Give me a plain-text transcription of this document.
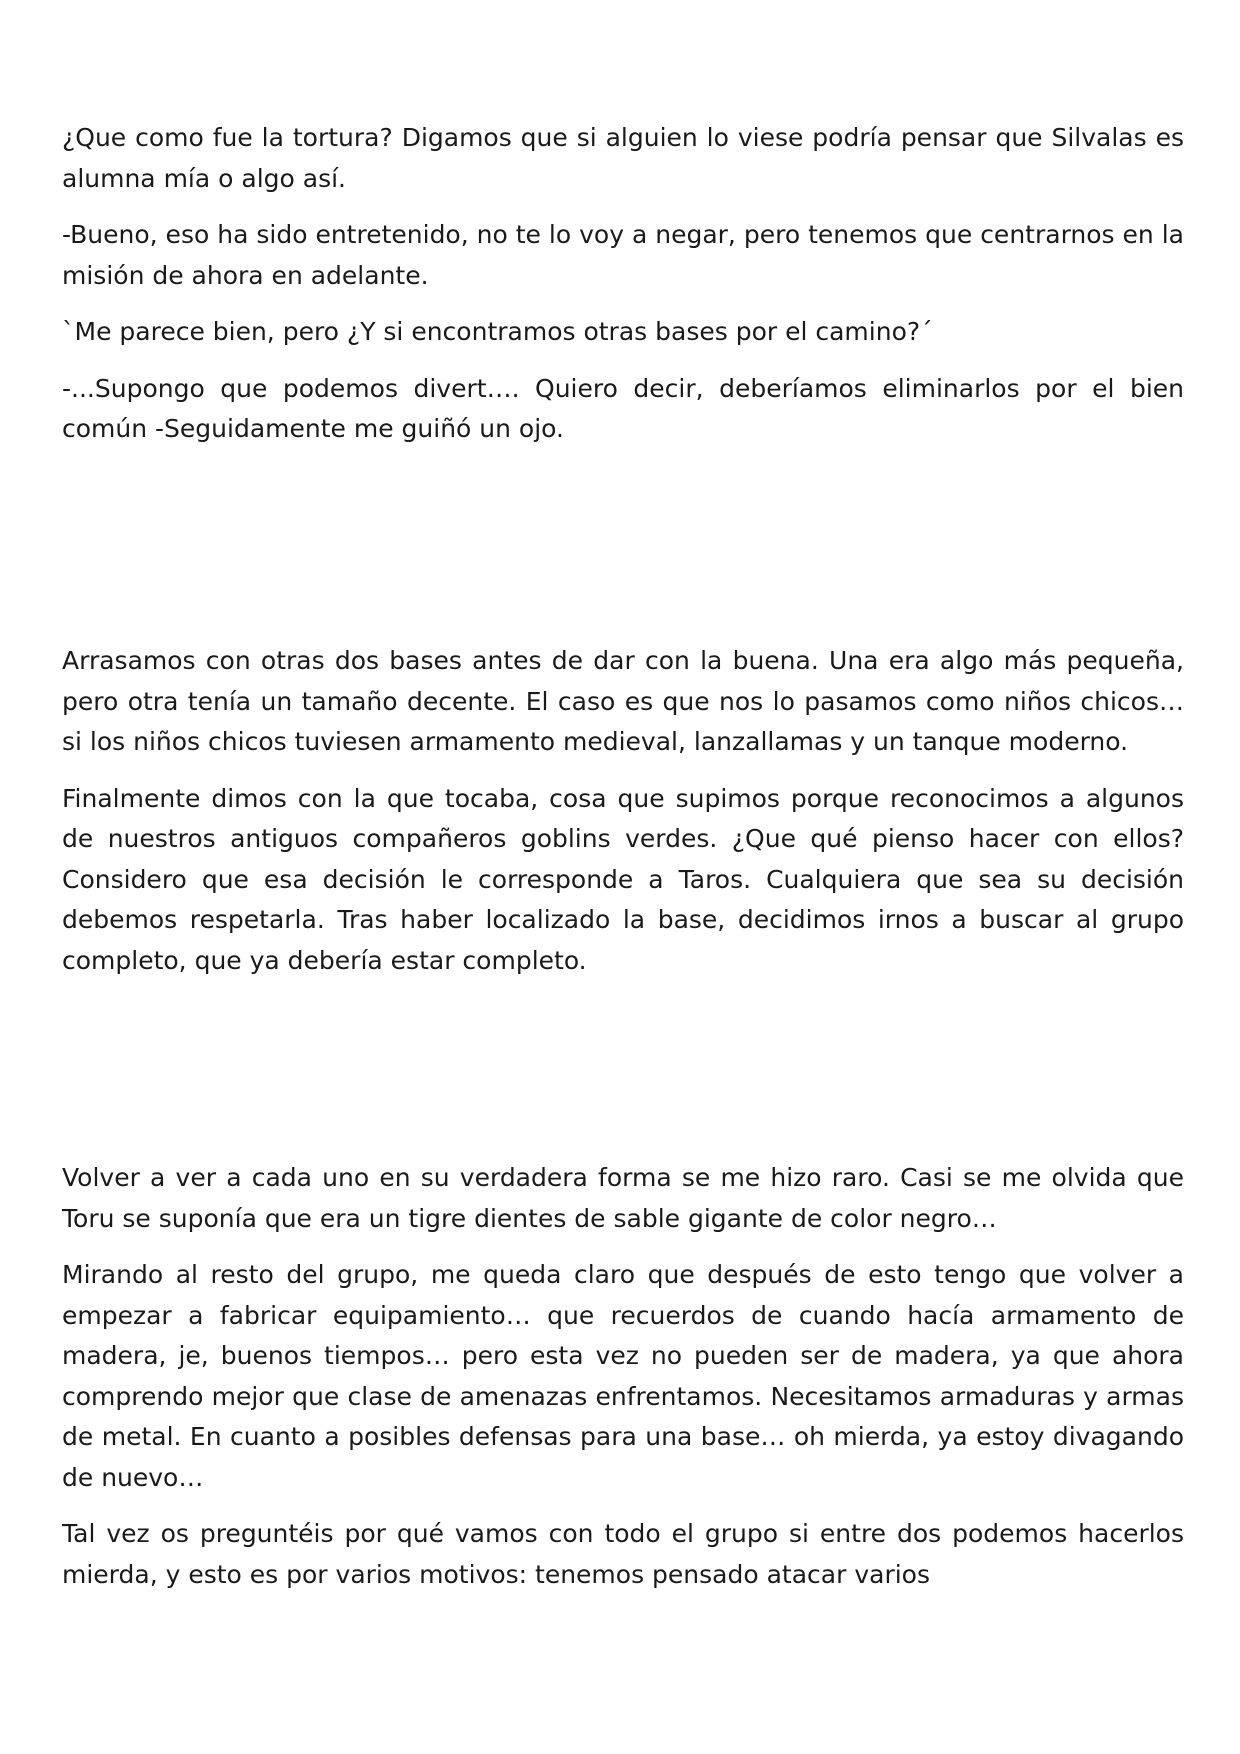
¿Que como fue la tortura? Digamos que si alguien lo viese podría pensar que Silvalas es alumna mía o algo así.

-Bueno, eso ha sido entretenido, no te lo voy a negar, pero tenemos que centrarnos en la misión de ahora en adelante.

`Me parece bien, pero ¿Y si encontramos otras bases por el camino?´

-...Supongo que podemos divert…. Quiero decir, deberíamos eliminarlos por el bien común -Seguidamente me guiñó un ojo.

Arrasamos con otras dos bases antes de dar con la buena. Una era algo más pequeña, pero otra tenía un tamaño decente. El caso es que nos lo pasamos como niños chicos… si los niños chicos tuviesen armamento medieval, lanzallamas y un tanque moderno.

Finalmente dimos con la que tocaba, cosa que supimos porque reconocimos a algunos de nuestros antiguos compañeros goblins verdes. ¿Que qué pienso hacer con ellos? Considero que esa decisión le corresponde a Taros. Cualquiera que sea su decisión debemos respetarla. Tras haber localizado la base, decidimos irnos a buscar al grupo completo, que ya debería estar completo.

Volver a ver a cada uno en su verdadera forma se me hizo raro. Casi se me olvida que Toru se suponía que era un tigre dientes de sable gigante de color negro…

Mirando al resto del grupo, me queda claro que después de esto tengo que volver a empezar a fabricar equipamiento… que recuerdos de cuando hacía armamento de madera, je, buenos tiempos… pero esta vez no pueden ser de madera, ya que ahora comprendo mejor que clase de amenazas enfrentamos. Necesitamos armaduras y armas de metal. En cuanto a posibles defensas para una base… oh mierda, ya estoy divagando de nuevo…

Tal vez os preguntéis por qué vamos con todo el grupo si entre dos podemos hacerlos mierda, y esto es por varios motivos: tenemos pensado atacar varios
